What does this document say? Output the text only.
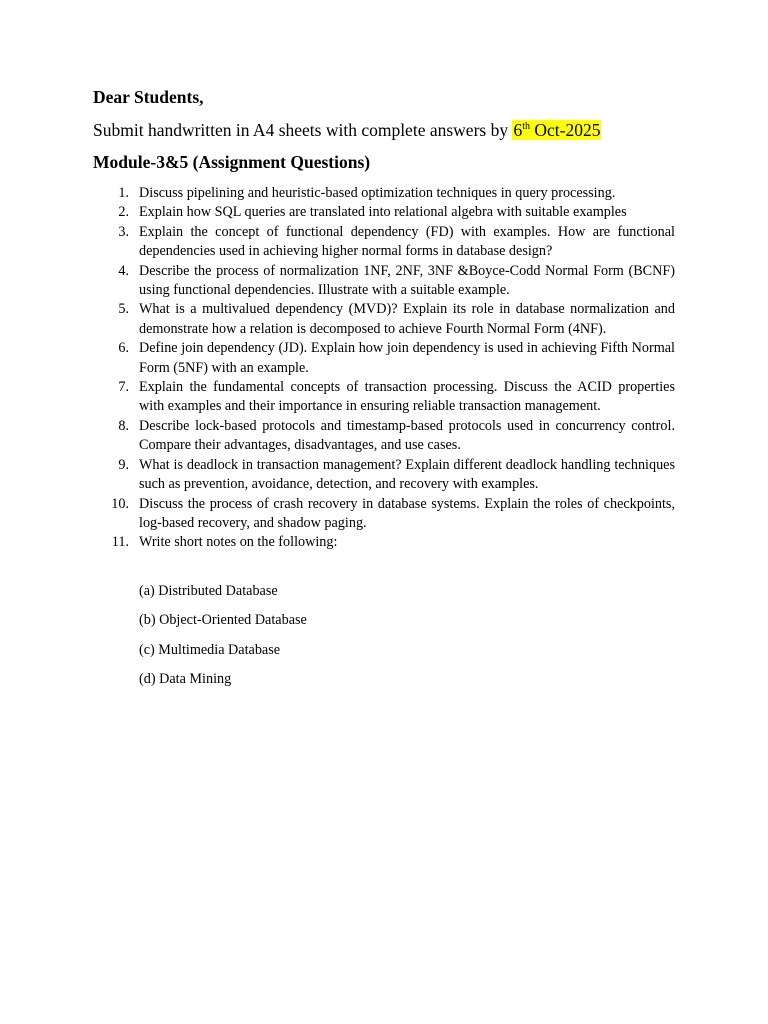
Dear Students,

Submit handwritten in A4 sheets with complete answers by 6th Oct-2025

Module-3&5 (Assignment Questions)

1. Discuss pipelining and heuristic-based optimization techniques in query processing.
2. Explain how SQL queries are translated into relational algebra with suitable examples
3. Explain the concept of functional dependency (FD) with examples. How are functional dependencies used in achieving higher normal forms in database design?
4. Describe the process of normalization 1NF, 2NF, 3NF &Boyce-Codd Normal Form (BCNF) using functional dependencies. Illustrate with a suitable example.
5. What is a multivalued dependency (MVD)? Explain its role in database normalization and demonstrate how a relation is decomposed to achieve Fourth Normal Form (4NF).
6. Define join dependency (JD). Explain how join dependency is used in achieving Fifth Normal Form (5NF) with an example.
7. Explain the fundamental concepts of transaction processing. Discuss the ACID properties with examples and their importance in ensuring reliable transaction management.
8. Describe lock-based protocols and timestamp-based protocols used in concurrency control. Compare their advantages, disadvantages, and use cases.
9. What is deadlock in transaction management? Explain different deadlock handling techniques such as prevention, avoidance, detection, and recovery with examples.
10. Discuss the process of crash recovery in database systems. Explain the roles of checkpoints, log-based recovery, and shadow paging.
11. Write short notes on the following:
(a) Distributed Database
(b) Object-Oriented Database
(c) Multimedia Database
(d) Data Mining
